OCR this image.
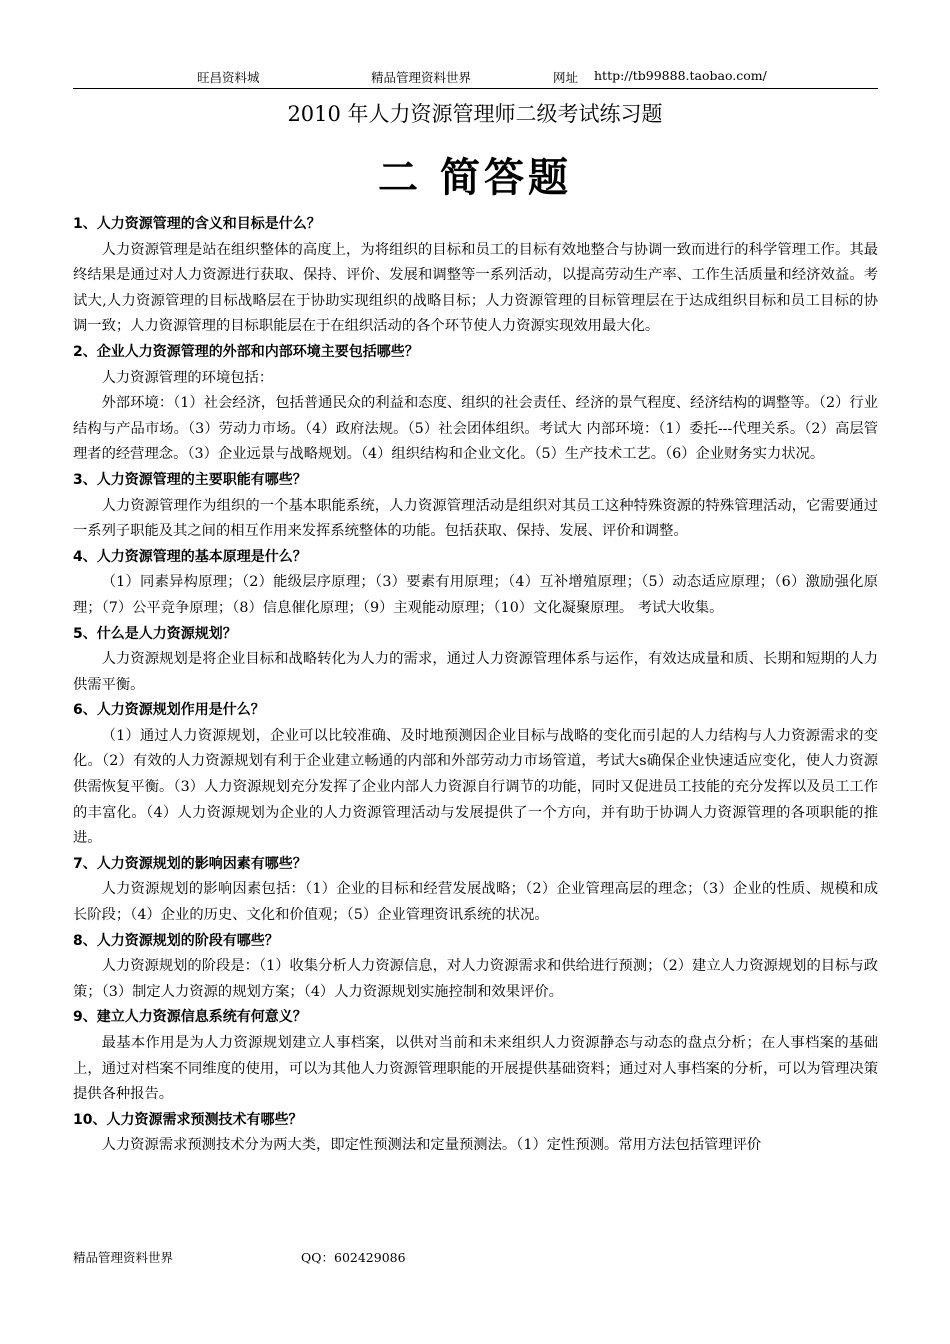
旺昌资料城	精品管理资料世界	网址 http://tb99888.taobao.com/
2010 年人力资源管理师二级考试练习题
二 简答题
1、人力资源管理的含义和目标是什么？
人力资源管理是站在组织整体的高度上，为将组织的目标和员工的目标有效地整合与协调一致而进行的科学管理工作。其最终结果是通过对人力资源进行获取、保持、评价、发展和调整等一系列活动，以提高劳动生产率、工作生活质量和经济效益。考试大,人力资源管理的目标战略层在于协助实现组织的战略目标；人力资源管理的目标管理层在于达成组织目标和员工目标的协调一致；人力资源管理的目标职能层在于在组织活动的各个环节使人力资源实现效用最大化。
2、企业人力资源管理的外部和内部环境主要包括哪些？
人力资源管理的环境包括：
外部环境：（1）社会经济，包括普通民众的利益和态度、组织的社会责任、经济的景气程度、经济结构的调整等。（2）行业结构与产品市场。（3）劳动力市场。（4）政府法规。（5）社会团体组织。考试大 内部环境：（1）委托---代理关系。（2）高层管理者的经营理念。（3）企业远景与战略规划。（4）组织结构和企业文化。（5）生产技术工艺。（6）企业财务实力状况。
3、人力资源管理的主要职能有哪些？
人力资源管理作为组织的一个基本职能系统，人力资源管理活动是组织对其员工这种特殊资源的特殊管理活动，它需要通过一系列子职能及其之间的相互作用来发挥系统整体的功能。包括获取、保持、发展、评价和调整。
4、人力资源管理的基本原理是什么？
（1）同素异构原理；（2）能级层序原理；（3）要素有用原理；（4）互补增殖原理；（5）动态适应原理；（6）激励强化原理；（7）公平竞争原理；（8）信息催化原理；（9）主观能动原理；（10）文化凝聚原理。 考试大收集。
5、什么是人力资源规划？
人力资源规划是将企业目标和战略转化为人力的需求，通过人力资源管理体系与运作，有效达成量和质、长期和短期的人力供需平衡。
6、人力资源规划作用是什么？
（1）通过人力资源规划，企业可以比较准确、及时地预测因企业目标与战略的变化而引起的人力结构与人力资源需求的变化。（2）有效的人力资源规划有利于企业建立畅通的内部和外部劳动力市场管道，考试大s确保企业快速适应变化，使人力资源供需恢复平衡。（3）人力资源规划充分发挥了企业内部人力资源自行调节的功能，同时又促进员工技能的充分发挥以及员工工作的丰富化。（4）人力资源规划为企业的人力资源管理活动与发展提供了一个方向，并有助于协调人力资源管理的各项职能的推进。
7、人力资源规划的影响因素有哪些？
人力资源规划的影响因素包括：（1）企业的目标和经营发展战略；（2）企业管理高层的理念；（3）企业的性质、规模和成长阶段；（4）企业的历史、文化和价值观；（5）企业管理资讯系统的状况。
8、人力资源规划的阶段有哪些？
人力资源规划的阶段是：（1）收集分析人力资源信息，对人力资源需求和供给进行预测；（2）建立人力资源规划的目标与政策；（3）制定人力资源的规划方案；（4）人力资源规划实施控制和效果评价。
9、建立人力资源信息系统有何意义？
最基本作用是为人力资源规划建立人事档案，以供对当前和未来组织人力资源静态与动态的盘点分析；在人事档案的基础上，通过对档案不同维度的使用，可以为其他人力资源管理职能的开展提供基础资料；通过对人事档案的分析，可以为管理决策提供各种报告。
10、人力资源需求预测技术有哪些？
人力资源需求预测技术分为两大类，即定性预测法和定量预测法。（1）定性预测。常用方法包括管理评价
精品管理资料世界	QQ：602429086
